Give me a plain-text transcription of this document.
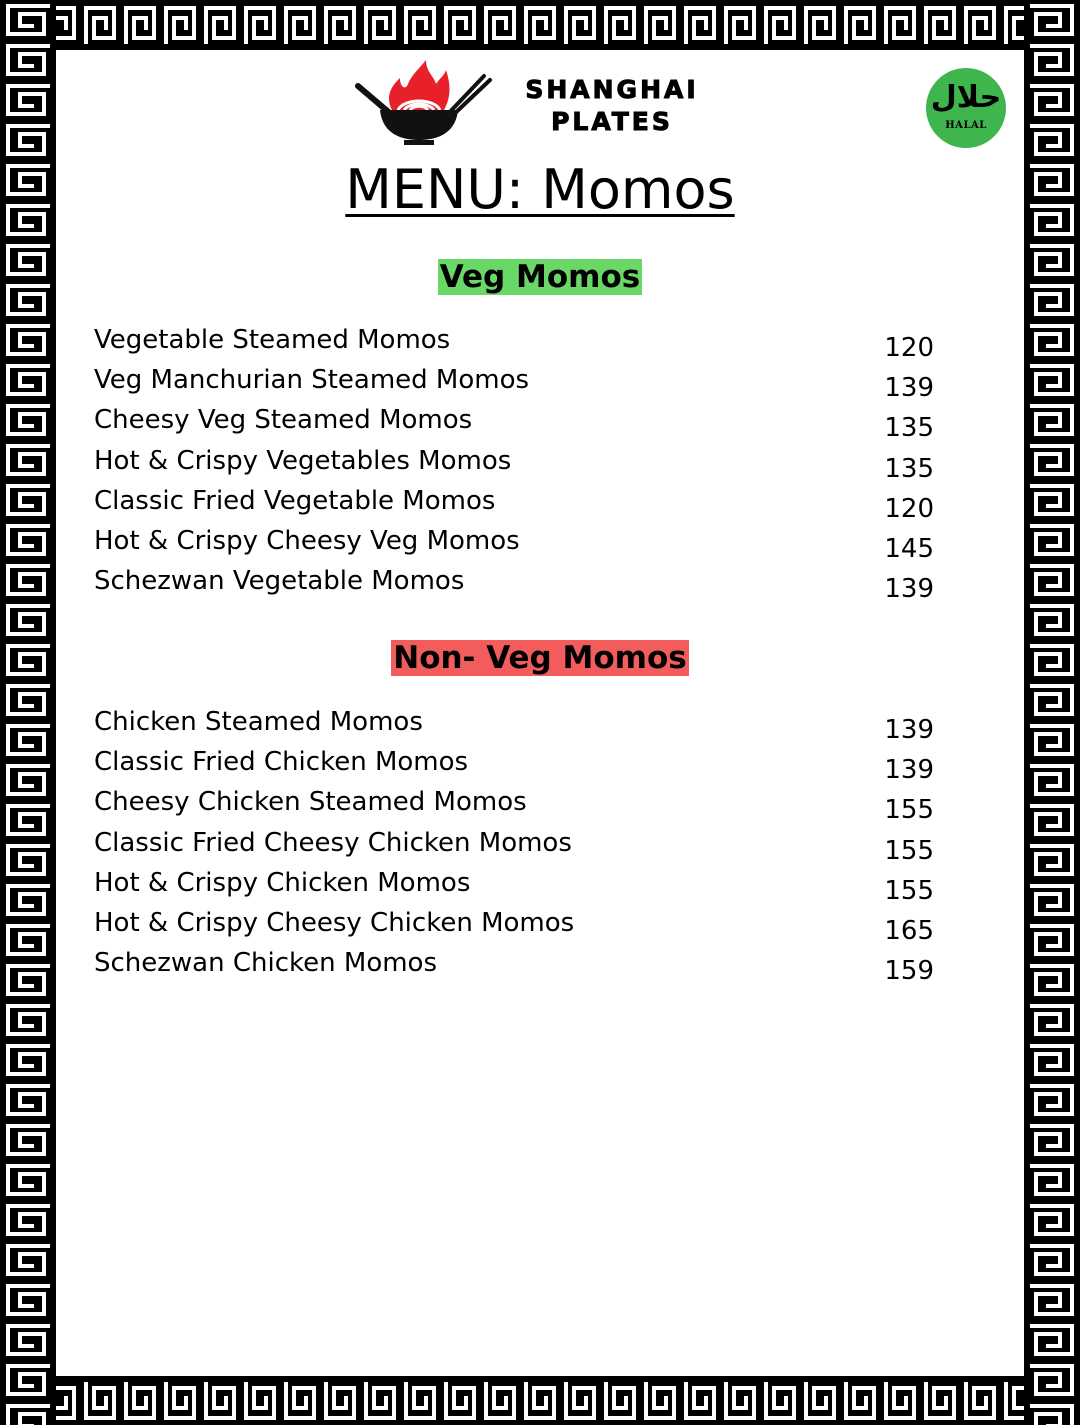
SHANGHAI
PLATES
حلال
HALAL
MENU: Momos
Veg Momos
Vegetable Steamed Momos	120
Veg Manchurian Steamed Momos	139
Cheesy Veg Steamed Momos	135
Hot & Crispy Vegetables Momos	135
Classic Fried Vegetable Momos	120
Hot & Crispy Cheesy Veg Momos	145
Schezwan Vegetable Momos	139
Non- Veg Momos
Chicken Steamed Momos	139
Classic Fried Chicken Momos	139
Cheesy Chicken Steamed Momos	155
Classic Fried Cheesy Chicken Momos	155
Hot & Crispy Chicken Momos	155
Hot & Crispy Cheesy Chicken Momos	165
Schezwan Chicken Momos	159
